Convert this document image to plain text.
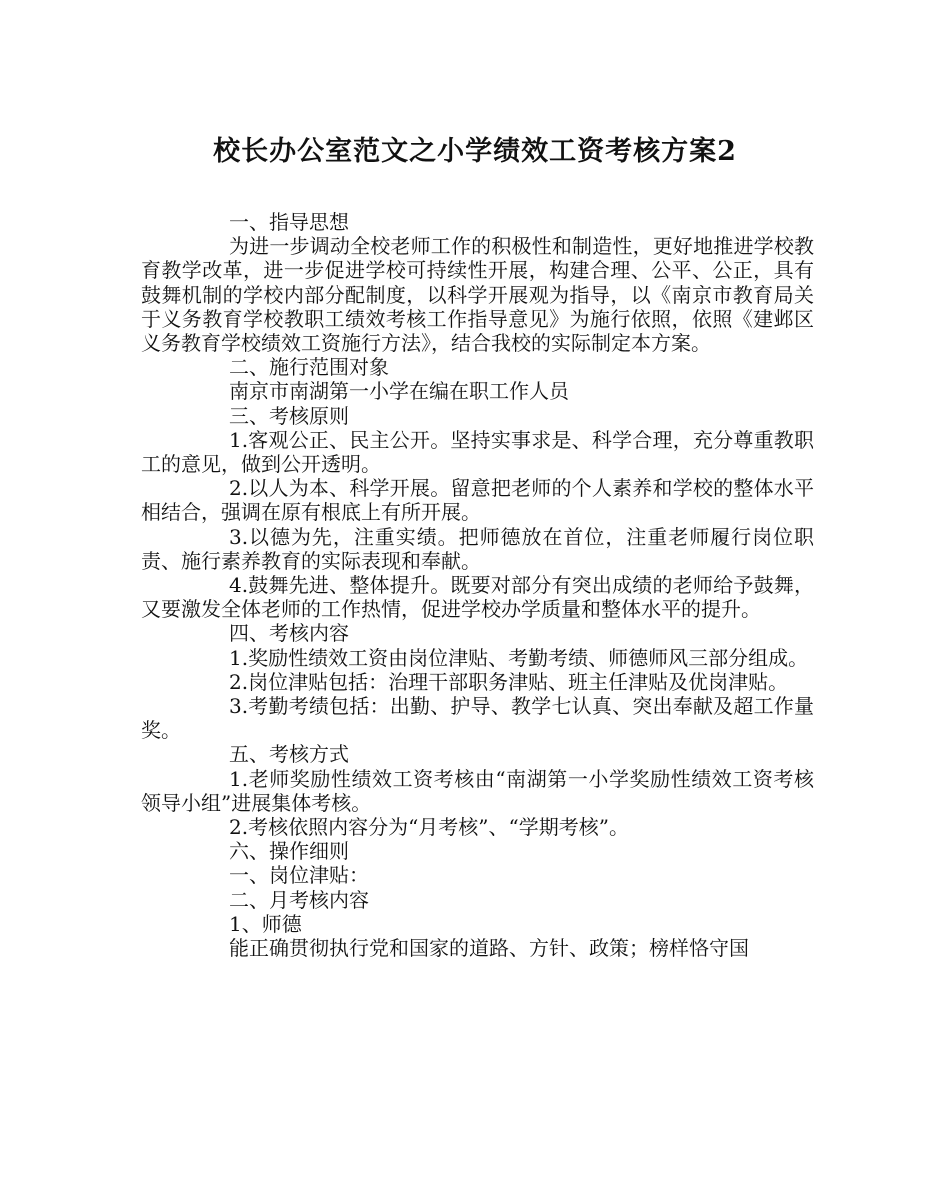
校长办公室范文之小学绩效工资考核方案2

一、指导思想

为进一步调动全校老师工作的积极性和制造性，更好地推进学校教育教学改革，进一步促进学校可持续性开展，构建合理、公平、公正，具有鼓舞机制的学校内部分配制度，以科学开展观为指导，以《南京市教育局关于义务教育学校教职工绩效考核工作指导意见》为施行依照，依照《建邺区义务教育学校绩效工资施行方法》，结合我校的实际制定本方案。

二、施行范围对象

南京市南湖第一小学在编在职工作人员

三、考核原则

1.客观公正、民主公开。坚持实事求是、科学合理，充分尊重教职工的意见，做到公开透明。

2.以人为本、科学开展。留意把老师的个人素养和学校的整体水平相结合，强调在原有根底上有所开展。

3.以德为先，注重实绩。把师德放在首位，注重老师履行岗位职责、施行素养教育的实际表现和奉献。

4.鼓舞先进、整体提升。既要对部分有突出成绩的老师给予鼓舞，又要激发全体老师的工作热情，促进学校办学质量和整体水平的提升。

四、考核内容

1.奖励性绩效工资由岗位津贴、考勤考绩、师德师风三部分组成。

2.岗位津贴包括：治理干部职务津贴、班主任津贴及优岗津贴。

3.考勤考绩包括：出勤、护导、教学七认真、突出奉献及超工作量奖。

五、考核方式

1.老师奖励性绩效工资考核由“南湖第一小学奖励性绩效工资考核领导小组”进展集体考核。

2.考核依照内容分为“月考核”、“学期考核”。

六、操作细则

一、岗位津贴：

二、月考核内容

1、师德

能正确贯彻执行党和国家的道路、方针、政策；榜样恪守国
